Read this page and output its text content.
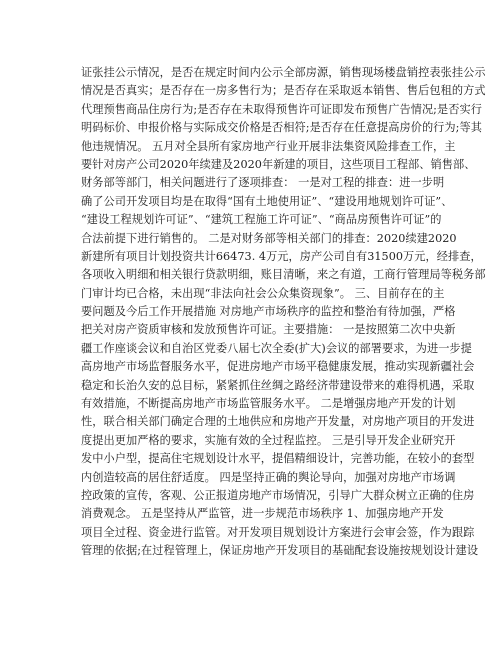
证张挂公示情况，是否在规定时间内公示全部房源，销售现场楼盘销控表张挂公示
情况是否真实；是否存在一房多售行为；是否存在采取返本销售、售后包租的方式
代理预售商品住房行为;是否存在未取得预售许可证即发布预售广告情况;是否实行
明码标价、申报价格与实际成交价格是否相符;是否存在任意提高房价的行为;等其
他违规情况。 五月对全县所有家房地产行业开展非法集资风险排查工作，主
要针对房产公司2020年续建及2020年新建的项目，这些项目工程部、销售部、
财务部等部门，相关问题进行了逐项排查： 一是对工程的排查：进一步明
确了公司开发项目均是在取得“国有土地使用证”、“建设用地规划许可证”、
“建设工程规划许可证”、“建筑工程施工许可证”、“商品房预售许可证”的
合法前提下进行销售的。 二是对财务部等相关部门的排查：2020续建2020
新建所有项目计划投资共计66473. 4万元，房产公司自有31500万元，经排查，
各项收入明细和相关银行贷款明细，账目清晰，来之有道，工商行管理局等税务部
门审计均已合格，未出现“非法向社会公众集资现象”。 三、目前存在的主
要问题及今后工作开展措施 对房地产市场秩序的监控和整治有待加强，严格
把关对房产资质审核和发放预售许可证。主要措施： 一是按照第二次中央新
疆工作座谈会议和自治区党委八届七次全委(扩大)会议的部署要求，为进一步提
高房地产市场监督服务水平，促进房地产市场平稳健康发展，推动实现新疆社会
稳定和长治久安的总目标，紧紧抓住丝绸之路经济带建设带来的难得机遇，采取
有效措施，不断提高房地产市场监管服务水平。 二是增强房地产开发的计划
性，联合相关部门确定合理的土地供应和房地产开发量，对房地产项目的开发进
度提出更加严格的要求，实施有效的全过程监控。 三是引导开发企业研究开
发中小户型，提高住宅规划设计水平，提倡精细设计，完善功能，在较小的套型
内创造较高的居住舒适度。 四是坚持正确的舆论导向，加强对房地产市场调
控政策的宣传，客观、公正报道房地产市场情况，引导广大群众树立正确的住房
消费观念。 五是坚持从严监管，进一步规范市场秩序 1、加强房地产开发
项目全过程、资金进行监管。对开发项目规划设计方案进行会审会签，作为跟踪
管理的依据;在过程管理上，保证房地产开发项目的基础配套设施按规划设计建设
